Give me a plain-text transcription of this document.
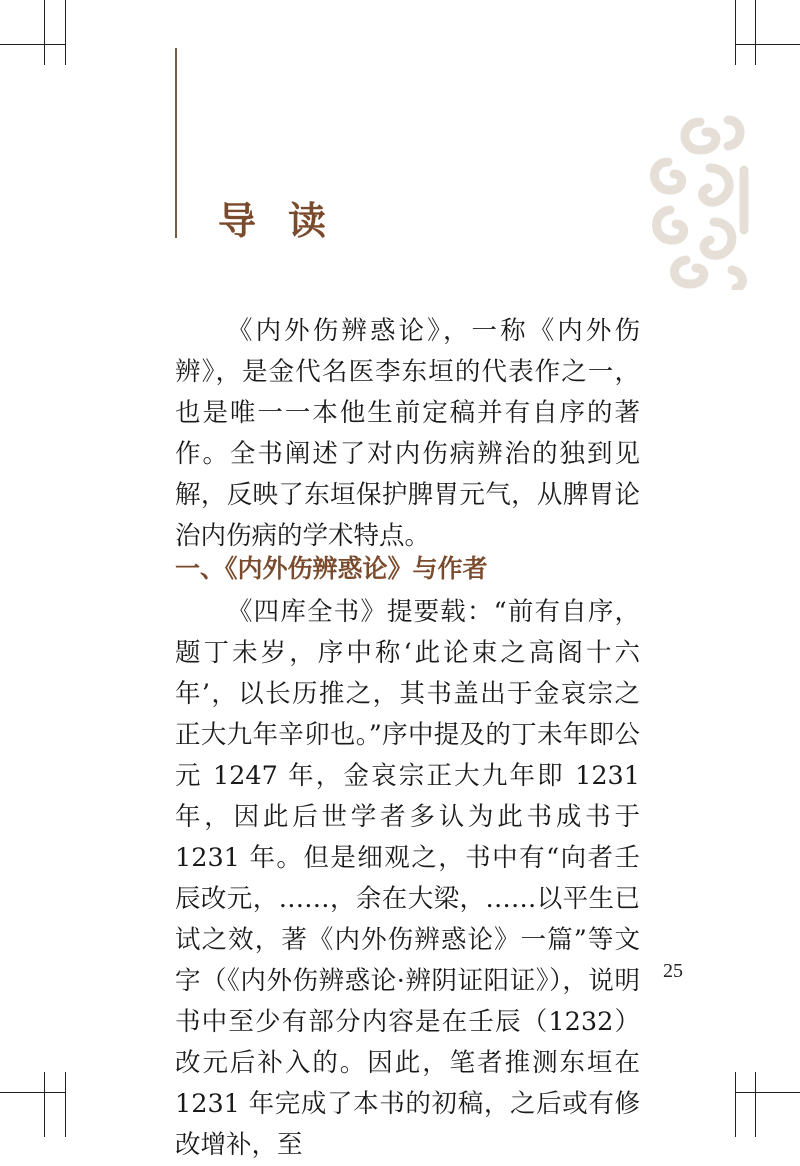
导读

《内外伤辨惑论》，一称《内外伤辨》，是金代名医李东垣的代表作之一，也是唯一一本他生前定稿并有自序的著作。全书阐述了对内伤病辨治的独到见解，反映了东垣保护脾胃元气，从脾胃论治内伤病的学术特点。

一、《内外伤辨惑论》与作者

《四库全书》提要载：“前有自序，题丁未岁，序中称‘此论束之高阁十六年’，以长历推之，其书盖出于金哀宗之正大九年辛卯也。”序中提及的丁未年即公元 1247 年，金哀宗正大九年即 1231 年，因此后世学者多认为此书成书于 1231 年。但是细观之，书中有“向者壬辰改元，……，余在大梁，……以平生已试之效，著《内外伤辨惑论》一篇”等文字（《内外伤辨惑论·辨阴证阳证》），说明书中至少有部分内容是在壬辰（1232）改元后补入的。因此，笔者推测东垣在 1231 年完成了本书的初稿，之后或有修改增补，至

25
